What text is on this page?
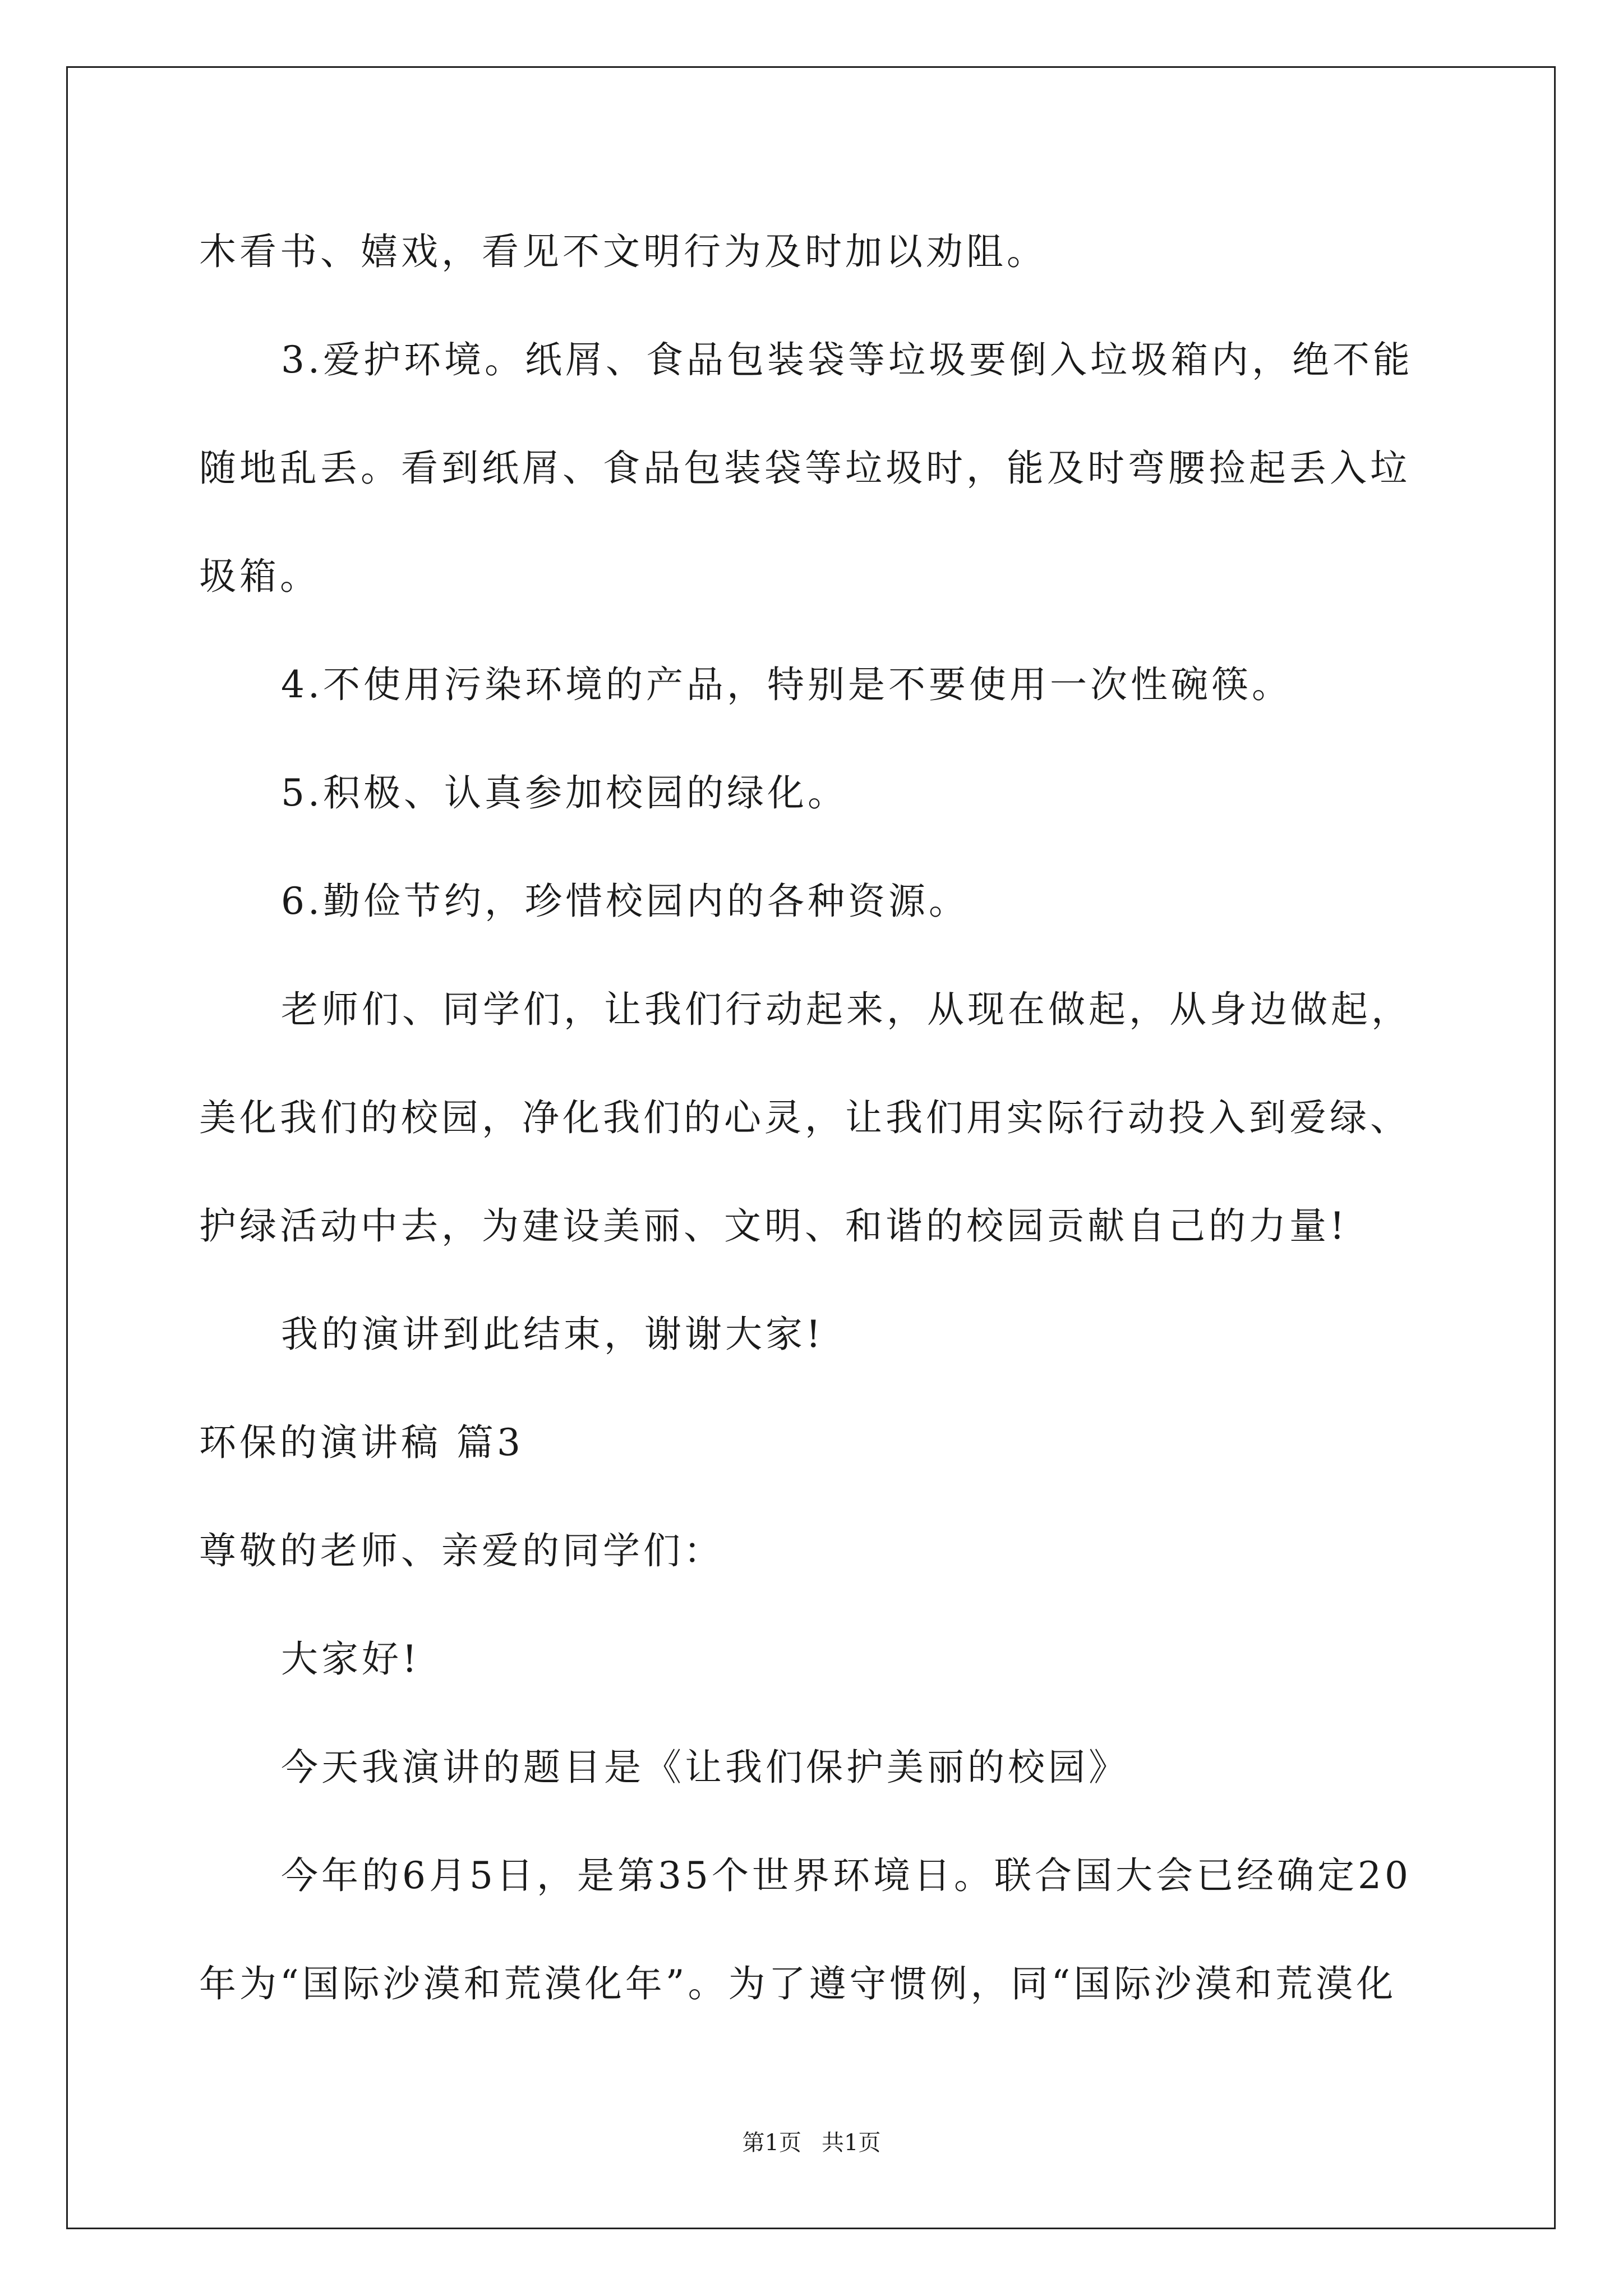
木看书、嬉戏，看见不文明行为及时加以劝阻。
3.爱护环境。纸屑、食品包装袋等垃圾要倒入垃圾箱内，绝不能
随地乱丢。看到纸屑、食品包装袋等垃圾时，能及时弯腰捡起丢入垃
圾箱。
4.不使用污染环境的产品，特别是不要使用一次性碗筷。
5.积极、认真参加校园的绿化。
6.勤俭节约，珍惜校园内的各种资源。
老师们、同学们，让我们行动起来，从现在做起，从身边做起，
美化我们的校园，净化我们的心灵，让我们用实际行动投入到爱绿、
护绿活动中去，为建设美丽、文明、和谐的校园贡献自己的力量!
我的演讲到此结束，谢谢大家!
环保的演讲稿 篇3
尊敬的老师、亲爱的同学们：
大家好!
今天我演讲的题目是《让我们保护美丽的校园》
今年的6月5日，是第35个世界环境日。联合国大会已经确定20
年为“国际沙漠和荒漠化年”。为了遵守惯例，同“国际沙漠和荒漠化
第1页 共1页
